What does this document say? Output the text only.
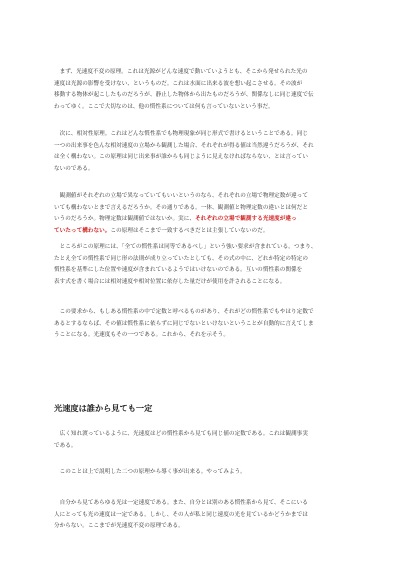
　まず、光速度不変の原理。これは光源がどんな速度で動いていようとも、そこから発せられた光の
速度は光源の影響を受けない、というものだ。これは水面に出来る波を想い起こさせる。その波が
移動する物体が起こしたものだろうが、静止した物体から出たものだろうが、関係なしに同じ速度で伝
わってゆく。ここで大切なのは、他の慣性系については何も言っていないという事だ。
　次に、相対性原理。これはどんな慣性系でも物理現象が同じ形式で書けるということである。同じ
一つの出来事を色んな相対速度の立場から観測した場合、それぞれが得る値は当然違うだろうが、それ
は全く構わない。この原理は同じ出来事が誰からも同じように見えなければならない、とは言ってい
ないのである。
　観測値がそれぞれの立場で異なっていてもいいというのなら、それぞれの立場で物理定数が違って
いても構わないとまで言えるだろうか。その通りである。一体、観測値と物理定数の違いとは何だと
いうのだろうか。物理定数は観測値ではないか。実に、それぞれの立場で観測する光速度が違っ
ていたって構わない。この原理はそこまで一致するべきだとは主張していないのだ。
　ところがこの原理には、「全ての慣性系は同等であるべし」という強い要求が含まれている。つまり、
たとえ全ての慣性系で同じ形の法則が成り立っていたとしても、その式の中に、どれか特定の特定の
慣性系を基準にした位置や速度が含まれているようではいけないのである。互いの慣性系の関係を
表す式を書く場合には相対速度や相対位置に依存した量だけが使用を許されることになる。
　この要求から、もしある慣性系の中で定数と呼べるものがあり、それがどの慣性系でもやはり定数で
あるとするならば、その値は慣性系に依らずに同じでないといけないということが自動的に言えてしま
うことになる。光速度もその一つである。これから、それを示そう。
光速度は誰から見ても一定
　広く知れ渡っているように、光速度はどの慣性系から見ても同じ値の定数である。これは観測事実
である。
　このことは上で説明した二つの原理から導く事が出来る。やってみよう。
　自分から見てあらゆる光は一定速度である。また、自分とは別のある慣性系から見て、そこにいる
人にとっても光の速度は一定である。しかし、その人が私と同じ速度の光を見ているかどうかまでは
分からない。ここまでが光速度不変の原理である。
